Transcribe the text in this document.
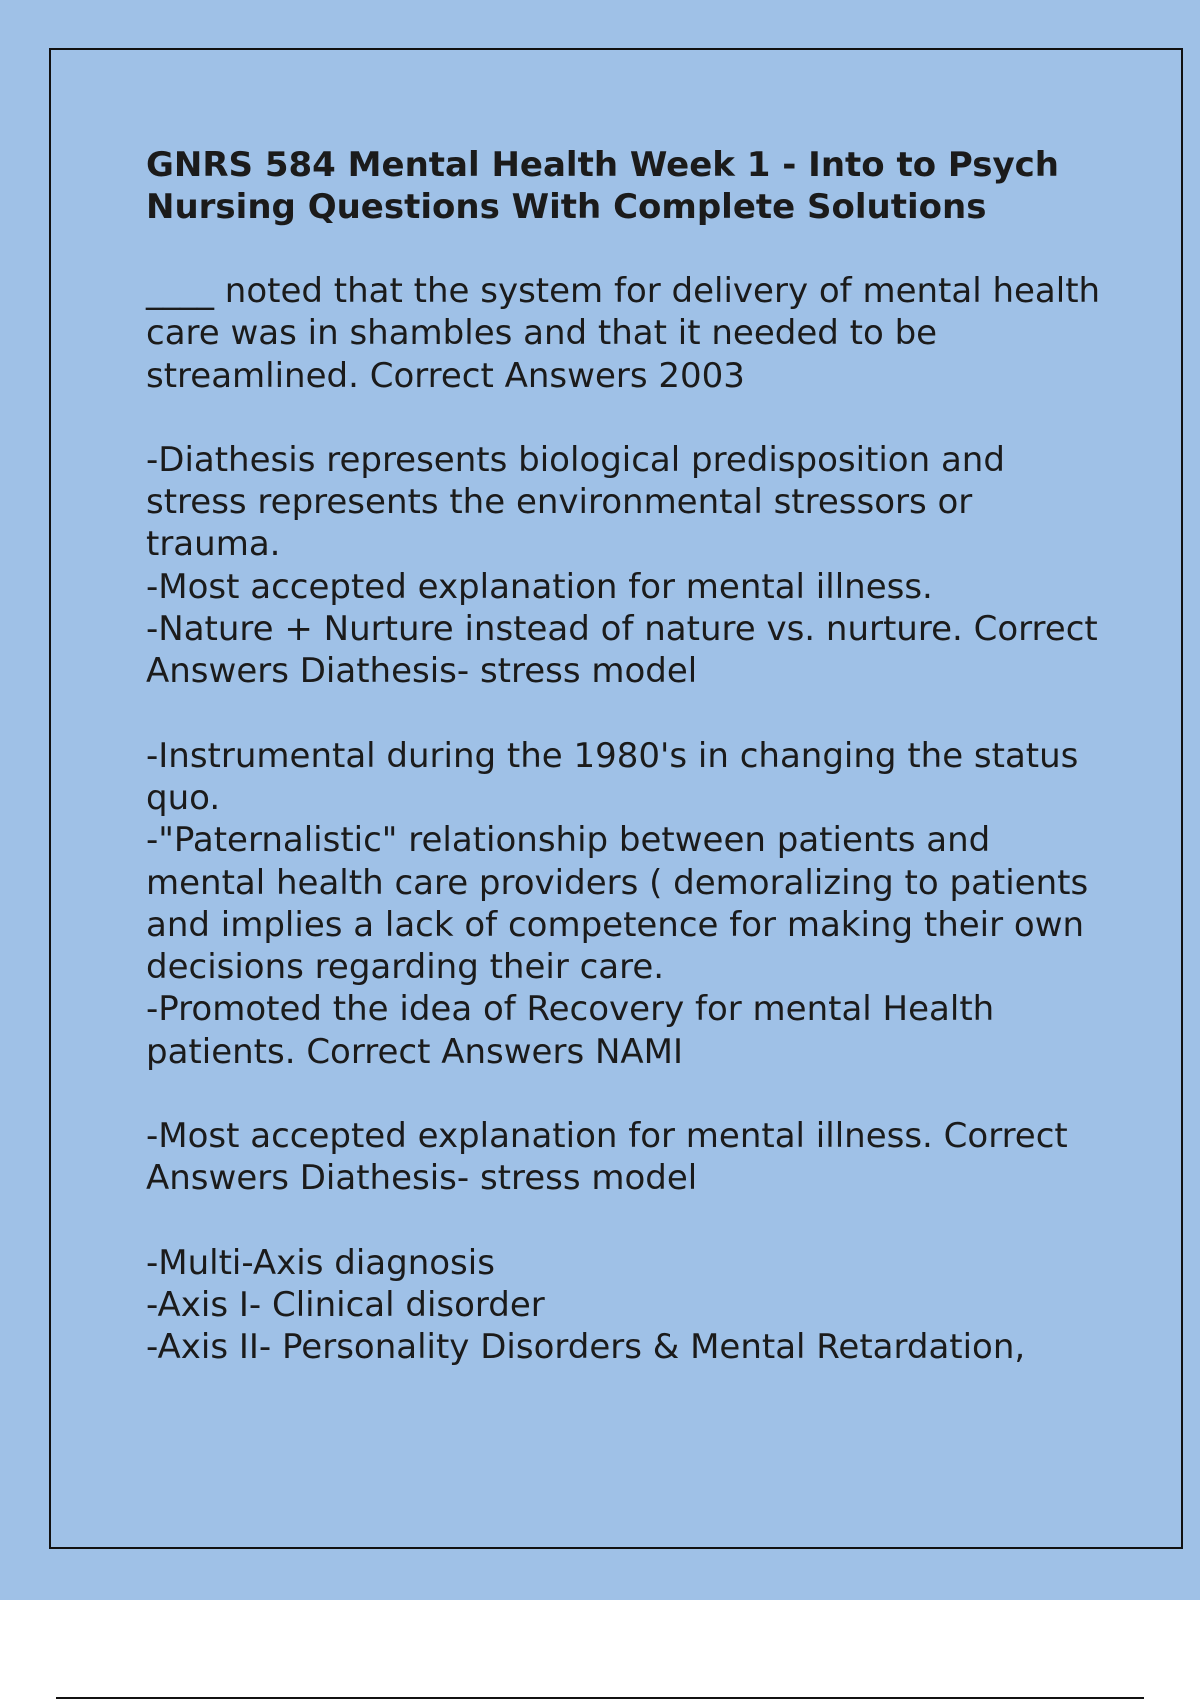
GNRS 584 Mental Health Week 1 - Into to Psych Nursing Questions With Complete Solutions
____ noted that the system for delivery of mental health care was in shambles and that it needed to be streamlined. Correct Answers 2003
-Diathesis represents biological predisposition and stress represents the environmental stressors or trauma.
-Most accepted explanation for mental illness.
-Nature + Nurture instead of nature vs. nurture. Correct Answers Diathesis- stress model
-Instrumental during the 1980's in changing the status quo.
-"Paternalistic" relationship between patients and mental health care providers ( demoralizing to patients and implies a lack of competence for making their own decisions regarding their care.
-Promoted the idea of Recovery for mental Health patients. Correct Answers NAMI
-Most accepted explanation for mental illness. Correct Answers Diathesis- stress model
-Multi-Axis diagnosis
-Axis I- Clinical disorder
-Axis II- Personality Disorders & Mental Retardation,
